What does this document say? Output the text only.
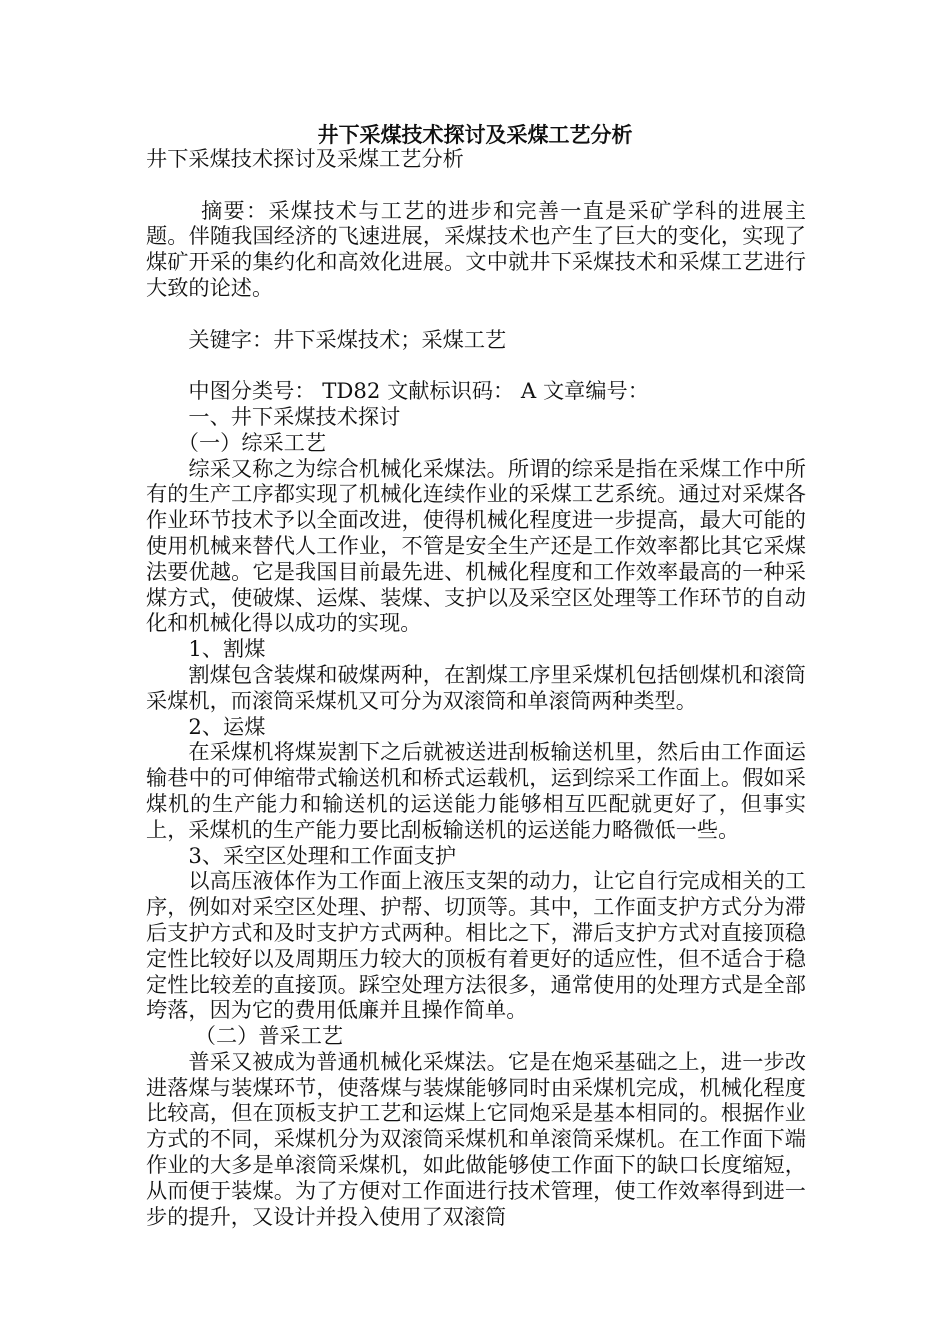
井下采煤技术探讨及采煤工艺分析

井下采煤技术探讨及采煤工艺分析

摘要：采煤技术与工艺的进步和完善一直是采矿学科的进展主题。伴随我国经济的飞速进展，采煤技术也产生了巨大的变化，实现了煤矿开采的集约化和高效化进展。文中就井下采煤技术和采煤工艺进行大致的论述。

关键字：井下采煤技术；采煤工艺

中图分类号： TD82 文献标识码： A 文章编号：

一、井下采煤技术探讨

（一）综采工艺

综采又称之为综合机械化采煤法。所谓的综采是指在采煤工作中所有的生产工序都实现了机械化连续作业的采煤工艺系统。通过对采煤各作业环节技术予以全面改进，使得机械化程度进一步提高，最大可能的使用机械来替代人工作业，不管是安全生产还是工作效率都比其它采煤法要优越。它是我国目前最先进、机械化程度和工作效率最高的一种采煤方式，使破煤、运煤、装煤、支护以及采空区处理等工作环节的自动化和机械化得以成功的实现。

1、割煤

割煤包含装煤和破煤两种，在割煤工序里采煤机包括刨煤机和滚筒采煤机，而滚筒采煤机又可分为双滚筒和单滚筒两种类型。

2、运煤

在采煤机将煤炭割下之后就被送进刮板输送机里，然后由工作面运输巷中的可伸缩带式输送机和桥式运载机，运到综采工作面上。假如采煤机的生产能力和输送机的运送能力能够相互匹配就更好了，但事实上，采煤机的生产能力要比刮板输送机的运送能力略微低一些。

3、采空区处理和工作面支护

以高压液体作为工作面上液压支架的动力，让它自行完成相关的工序，例如对采空区处理、护帮、切顶等。其中，工作面支护方式分为滞后支护方式和及时支护方式两种。相比之下，滞后支护方式对直接顶稳定性比较好以及周期压力较大的顶板有着更好的适应性，但不适合于稳定性比较差的直接顶。踩空处理方法很多，通常使用的处理方式是全部垮落，因为它的费用低廉并且操作简单。

（二）普采工艺

普采又被成为普通机械化采煤法。它是在炮采基础之上，进一步改进落煤与装煤环节，使落煤与装煤能够同时由采煤机完成，机械化程度比较高，但在顶板支护工艺和运煤上它同炮采是基本相同的。根据作业方式的不同，采煤机分为双滚筒采煤机和单滚筒采煤机。在工作面下端作业的大多是单滚筒采煤机，如此做能够使工作面下的缺口长度缩短，从而便于装煤。为了方便对工作面进行技术管理，使工作效率得到进一步的提升，又设计并投入使用了双滚筒
